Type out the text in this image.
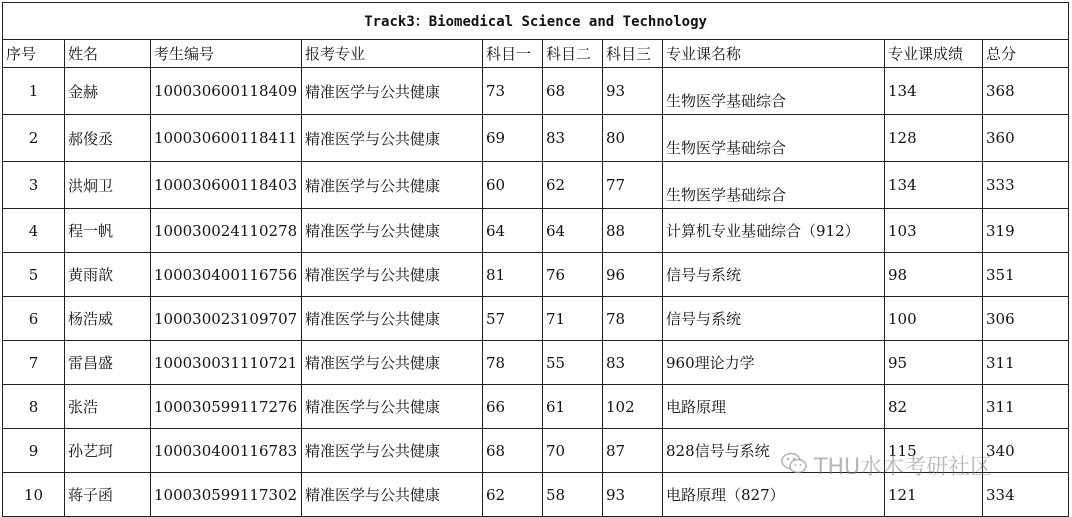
Track3：Biomedical Science and Technology									
序号	姓名	考生编号	报考专业	科目一	科目二	科目三	专业课名称	专业课成绩	总分
1	金赫	100030600118409	精准医学与公共健康	73	68	93	生物医学基础综合	134	368
2	郝俊丞	100030600118411	精准医学与公共健康	69	83	80	生物医学基础综合	128	360
3	洪炯卫	100030600118403	精准医学与公共健康	60	62	77	生物医学基础综合	134	333
4	程一帆	100030024110278	精准医学与公共健康	64	64	88	计算机专业基础综合（912）	103	319
5	黄雨歆	100030400116756	精准医学与公共健康	81	76	96	信号与系统	98	351
6	杨浩威	100030023109707	精准医学与公共健康	57	71	78	信号与系统	100	306
7	雷昌盛	100030031110721	精准医学与公共健康	78	55	83	960理论力学	95	311
8	张浩	100030599117276	精准医学与公共健康	66	61	102	电路原理	82	311
9	孙艺珂	100030400116783	精准医学与公共健康	68	70	87	828信号与系统	115	340
10	蒋子函	100030599117302	精准医学与公共健康	62	58	93	电路原理（827）	121	334
THU水木考研社区
